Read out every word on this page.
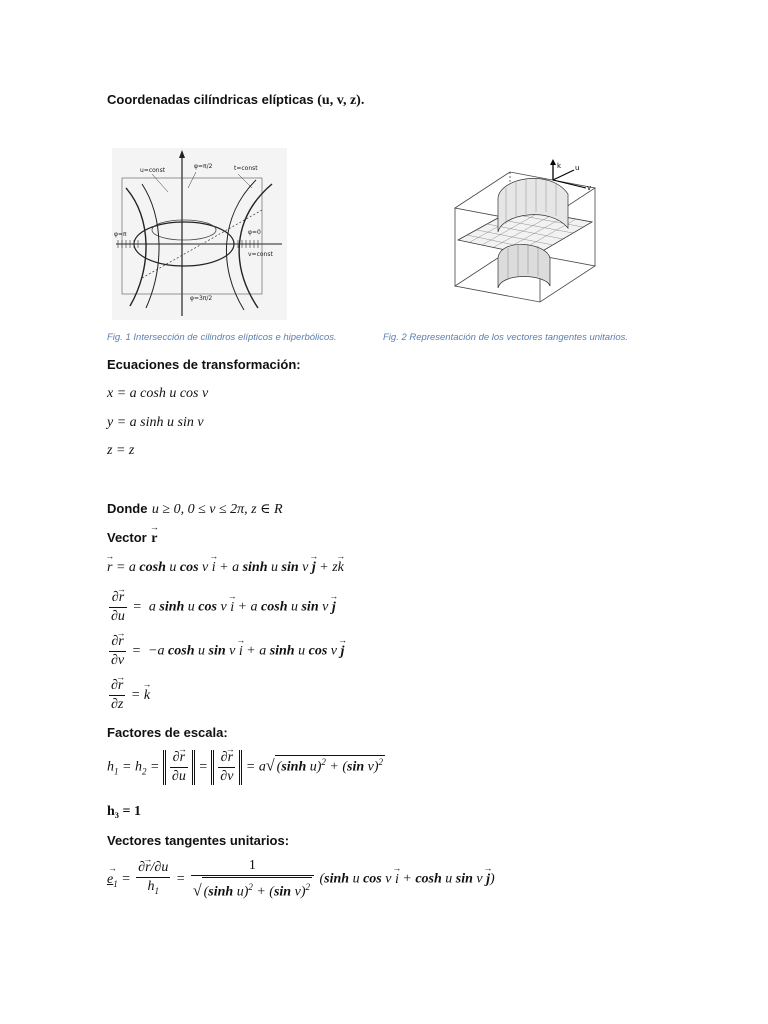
Coordenadas cilíndricas elípticas (u, v, z).
u=const
φ=π/2	t=const
φ=π	φ=0
v=const
φ=3π/2
k
v
u
Fig. 1 Intersección de cilindros elípticos e hiperbólicos.	Fig. 2 Representación de los vectores tangentes unitarios.
Ecuaciones de transformación:
x = a cosh u cos v
y = a sinh u sin v
z = z
Donde u ≥ 0, 0 ≤ v ≤ 2π, z ∈ R
Vector r →
r → = a cosh u cos v i → + a sinh u sin v j → + zk →
$\frac{\partial r \to}{\partial u} = a$ sinh u cos v i → + a cosh u sin v j →
$\frac{\partial r \to}{\partial v} = -a$ cosh u sin v i → + a sinh u cos v j →
$\frac{\partial r \to}{\partial z} = k$ →
Factores de escala:
$h_1 = h_2 = \frac{\partial r \to}{\partial u} = \frac{\partial r \to}{\partial v} = a√$ (sinh u)$^2$ + (sin v)$^2$
h₃ = 1
Vectores tangentes unitarios:
$e_1$ → = $\frac{\partial r \to/\partial u}{h_1} = \frac{1}{√ (\sinh u)^2 + (\sin v)^2} (\sinh$ u cos v i → + cosh u sin v j →)
